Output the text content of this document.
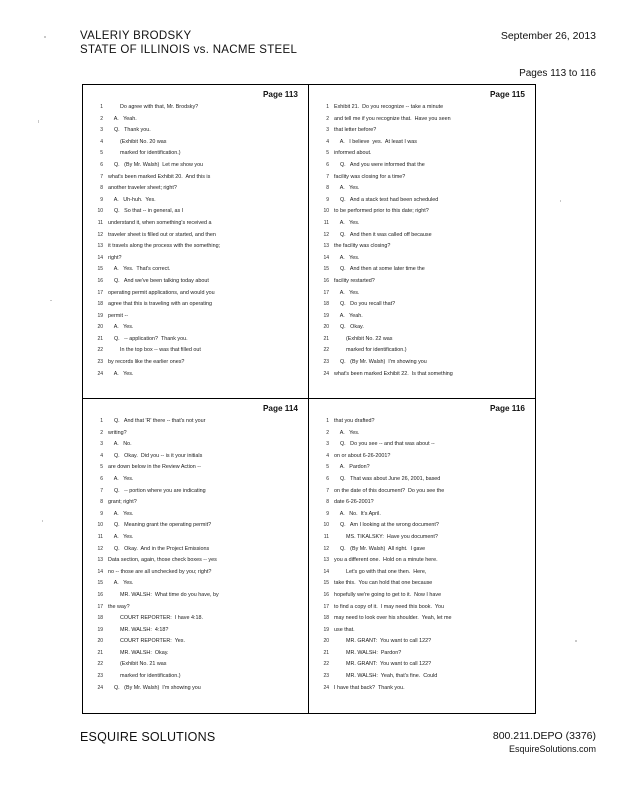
VALERIY BRODSKY	September 26, 2013
STATE OF ILLINOIS vs. NACME STEEL
Pages 113 to 116
Page 113
1 Do agree with that, Mr. Brodsky?
2 A.   Yeah.
3 Q.   Thank you.
4 (Exhibit No. 20 was
5 marked for identification.)
6 Q.   (By Mr. Walsh)  Let me show you
7 what's been marked Exhibit 20.  And this is
8 another traveler sheet; right?
9 A.   Uh-huh.  Yes.
10 Q.   So that -- in general, as I
11 understand it, when something's received a
12 traveler sheet is filled out or started, and then
13 it travels along the process with the something;
14 right?
15 A.   Yes.  That's correct.
16 Q.   And we've been talking today about
17 operating permit applications, and would you
18 agree that this is traveling with an operating
19 permit --
20 A.   Yes.
21 Q.   -- application?  Thank you.
22 In the top box -- was that filled out
23 by records like the earlier ones?
24 A.   Yes.
Page 115
1 Exhibit 21.  Do you recognize -- take a minute
2 and tell me if you recognize that.  Have you seen
3 that letter before?
4 A.   I believe  yes.  At least I was
5 informed about.
6 Q.   And you were informed that the
7 facility was closing for a time?
8 A.   Yes.
9 Q.   And a stack test had been scheduled
10 to be performed prior to this date; right?
11 A.   Yes.
12 Q.   And then it was called off because
13 the facility was closing?
14 A.   Yes.
15 Q.   And then at some later time the
16 facility restarted?
17 A.   Yes.
18 Q.   Do you recall that?
19 A.   Yeah.
20 Q.   Okay.
21 (Exhibit No. 22 was
22 marked for identification.)
23 Q.   (By Mr. Walsh)  I'm showing you
24 what's been marked Exhibit 22.  Is that something
Page 114
1 Q.   And that 'R' there -- that's not your
2 writing?
3 A.   No.
4 Q.   Okay.  Did you -- is it your initials
5 are down below in the Review Action --
6 A.   Yes.
7 Q.   -- portion where you are indicating
8 grant; right?
9 A.   Yes.
10 Q.   Meaning grant the operating permit?
11 A.   Yes.
12 Q.   Okay.  And in the Project Emissions
13 Data section, again, those check boxes -- yes
14 no -- those are all unchecked by you; right?
15 A.   Yes.
16 MR. WALSH:  What time do you have, by
17 the way?
18 COURT REPORTER:  I have 4:18.
19 MR. WALSH:  4:18?
20 COURT REPORTER:  Yes.
21 MR. WALSH:  Okay.
22 (Exhibit No. 21 was
23 marked for identification.)
24 Q.   (By Mr. Walsh)  I'm showing you
Page 116
1 that you drafted?
2 A.   Yes.
3 Q.   Do you see -- and that was about --
4 on or about 6-26-2001?
5 A.   Pardon?
6 Q.   That was about June 26, 2001, based
7 on the date of this document?  Do you see the
8 date 6-26-2001?
9 A.   No.  It's April.
10 Q.   Am I looking at the wrong document?
11 MS. TIKALSKY:  Have you document?
12 Q.   (By Mr. Walsh)  All right.  I gave
13 you a different one.  Hold on a minute here.
14 Let's go with that one then.  Here,
15 take this.  You can hold that one because
16 hopefully we're going to get to it.  Now I have
17 to find a copy of it.  I may need this book.  You
18 may need to look over his shoulder.  Yeah, let me
19 use that.
20 MR. GRANT:  You want to call 122?
21 MR. WALSH:  Pardon?
22 MR. GRANT:  You want to call 122?
23 MR. WALSH:  Yeah, that's fine.  Could
24 I have that back?  Thank you.
ESQUIRE SOLUTIONS	800.211.DEPO (3376)
EsquireSolutions.com
